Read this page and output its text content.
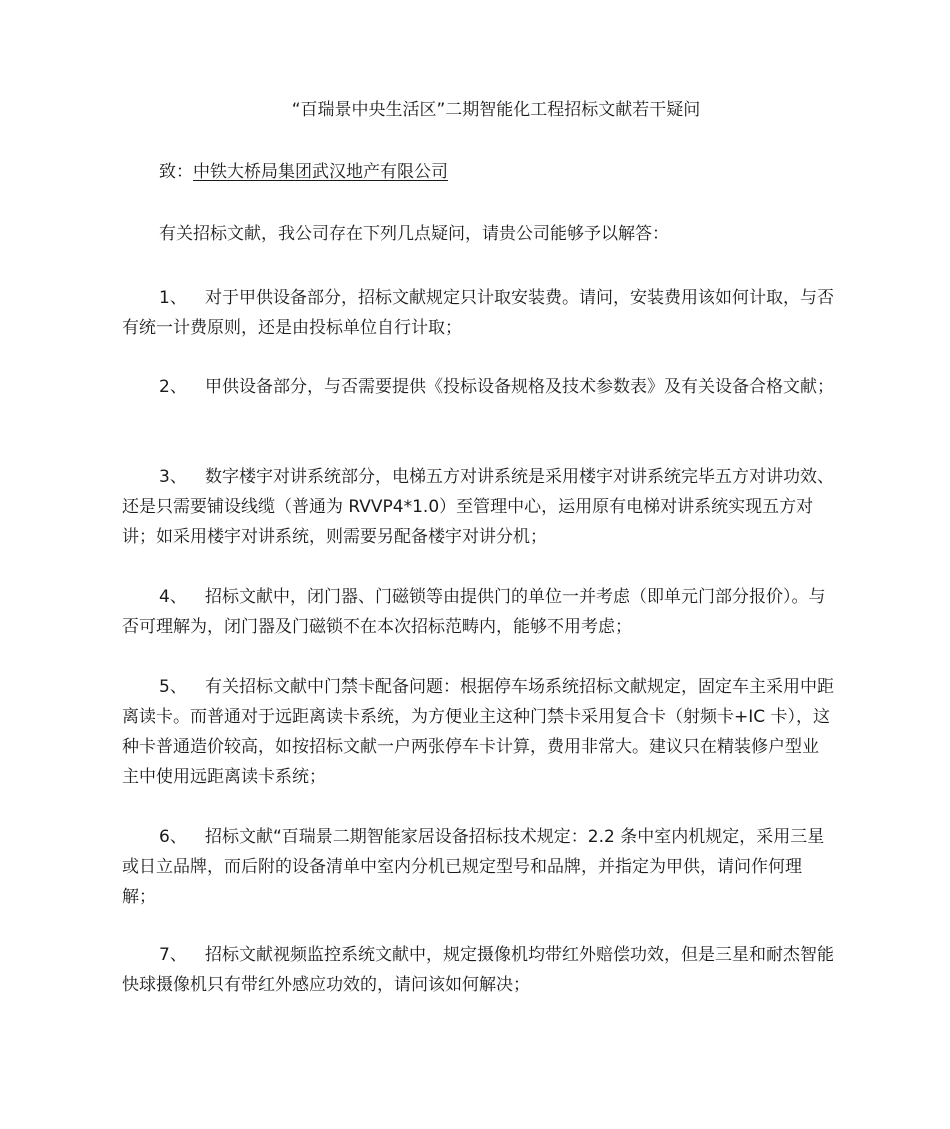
“百瑞景中央生活区”二期智能化工程招标文献若干疑问
致：中铁大桥局集团武汉地产有限公司
有关招标文献，我公司存在下列几点疑问，请贵公司能够予以解答：

1、 对于甲供设备部分，招标文献规定只计取安装费。请问，安装费用该如何计取，与否有统一计费原则，还是由投标单位自行计取；

2、 甲供设备部分，与否需要提供《投标设备规格及技术参数表》及有关设备合格文献；

3、 数字楼宇对讲系统部分，电梯五方对讲系统是采用楼宇对讲系统完毕五方对讲功效、还是只需要铺设线缆（普通为 RVVP4*1.0）至管理中心，运用原有电梯对讲系统实现五方对讲；如采用楼宇对讲系统，则需要另配备楼宇对讲分机；

4、 招标文献中，闭门器、门磁锁等由提供门的单位一并考虑（即单元门部分报价）。与否可理解为，闭门器及门磁锁不在本次招标范畴内，能够不用考虑；

5、 有关招标文献中门禁卡配备问题：根据停车场系统招标文献规定，固定车主采用中距离读卡。而普通对于远距离读卡系统，为方便业主这种门禁卡采用复合卡（射频卡+IC 卡），这种卡普通造价较高，如按招标文献一户两张停车卡计算，费用非常大。建议只在精装修户型业主中使用远距离读卡系统；

6、 招标文献“百瑞景二期智能家居设备招标技术规定：2.2 条中室内机规定，采用三星或日立品牌，而后附的设备清单中室内分机已规定型号和品牌，并指定为甲供，请问作何理解；

7、 招标文献视频监控系统文献中，规定摄像机均带红外赔偿功效，但是三星和耐杰智能快球摄像机只有带红外感应功效的，请问该如何解决；
